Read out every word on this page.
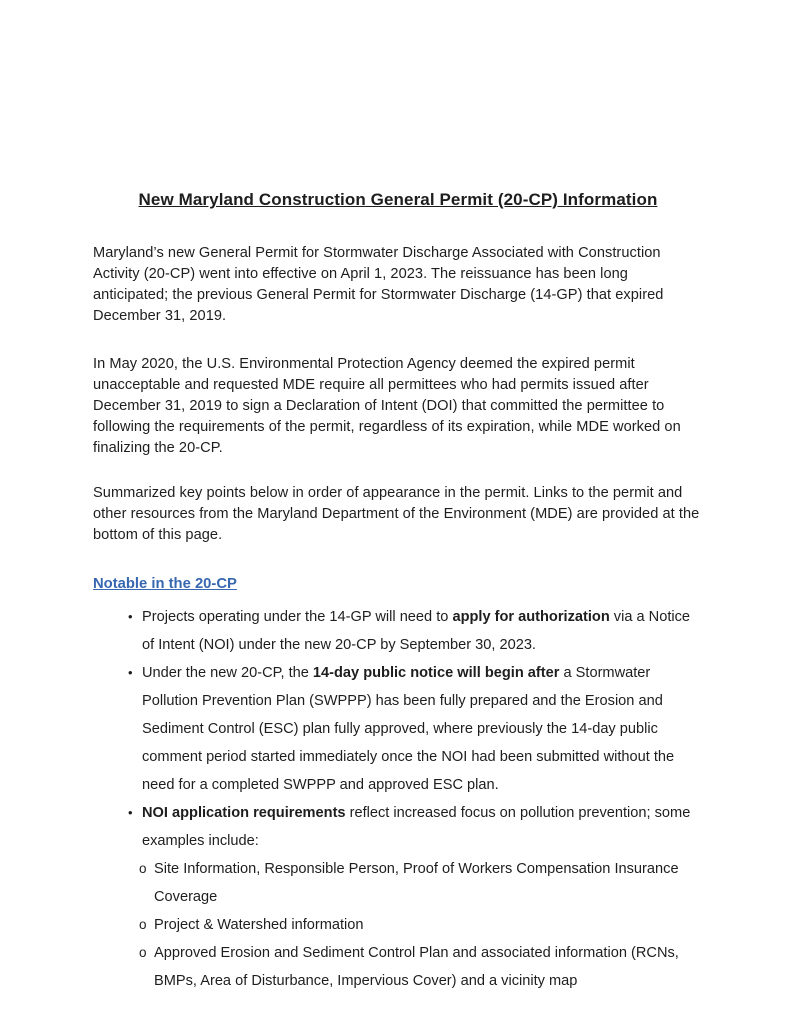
New Maryland Construction General Permit (20-CP) Information

Maryland’s new General Permit for Stormwater Discharge Associated with Construction Activity (20-CP) went into effective on April 1, 2023. The reissuance has been long anticipated; the previous General Permit for Stormwater Discharge (14-GP) that expired December 31, 2019.

In May 2020, the U.S. Environmental Protection Agency deemed the expired permit unacceptable and requested MDE require all permittees who had permits issued after December 31, 2019 to sign a Declaration of Intent (DOI) that committed the permittee to following the requirements of the permit, regardless of its expiration, while MDE worked on finalizing the 20-CP.

Summarized key points below in order of appearance in the permit. Links to the permit and other resources from the Maryland Department of the Environment (MDE) are provided at the bottom of this page.

Notable in the 20-CP
• Projects operating under the 14-GP will need to apply for authorization via a Notice of Intent (NOI) under the new 20-CP by September 30, 2023.
• Under the new 20-CP, the 14-day public notice will begin after a Stormwater Pollution Prevention Plan (SWPPP) has been fully prepared and the Erosion and Sediment Control (ESC) plan fully approved, where previously the 14-day public comment period started immediately once the NOI had been submitted without the need for a completed SWPPP and approved ESC plan.
• NOI application requirements reflect increased focus on pollution prevention; some examples include:
o Site Information, Responsible Person, Proof of Workers Compensation Insurance Coverage
o Project & Watershed information
o Approved Erosion and Sediment Control Plan and associated information (RCNs, BMPs, Area of Disturbance, Impervious Cover) and a vicinity map
